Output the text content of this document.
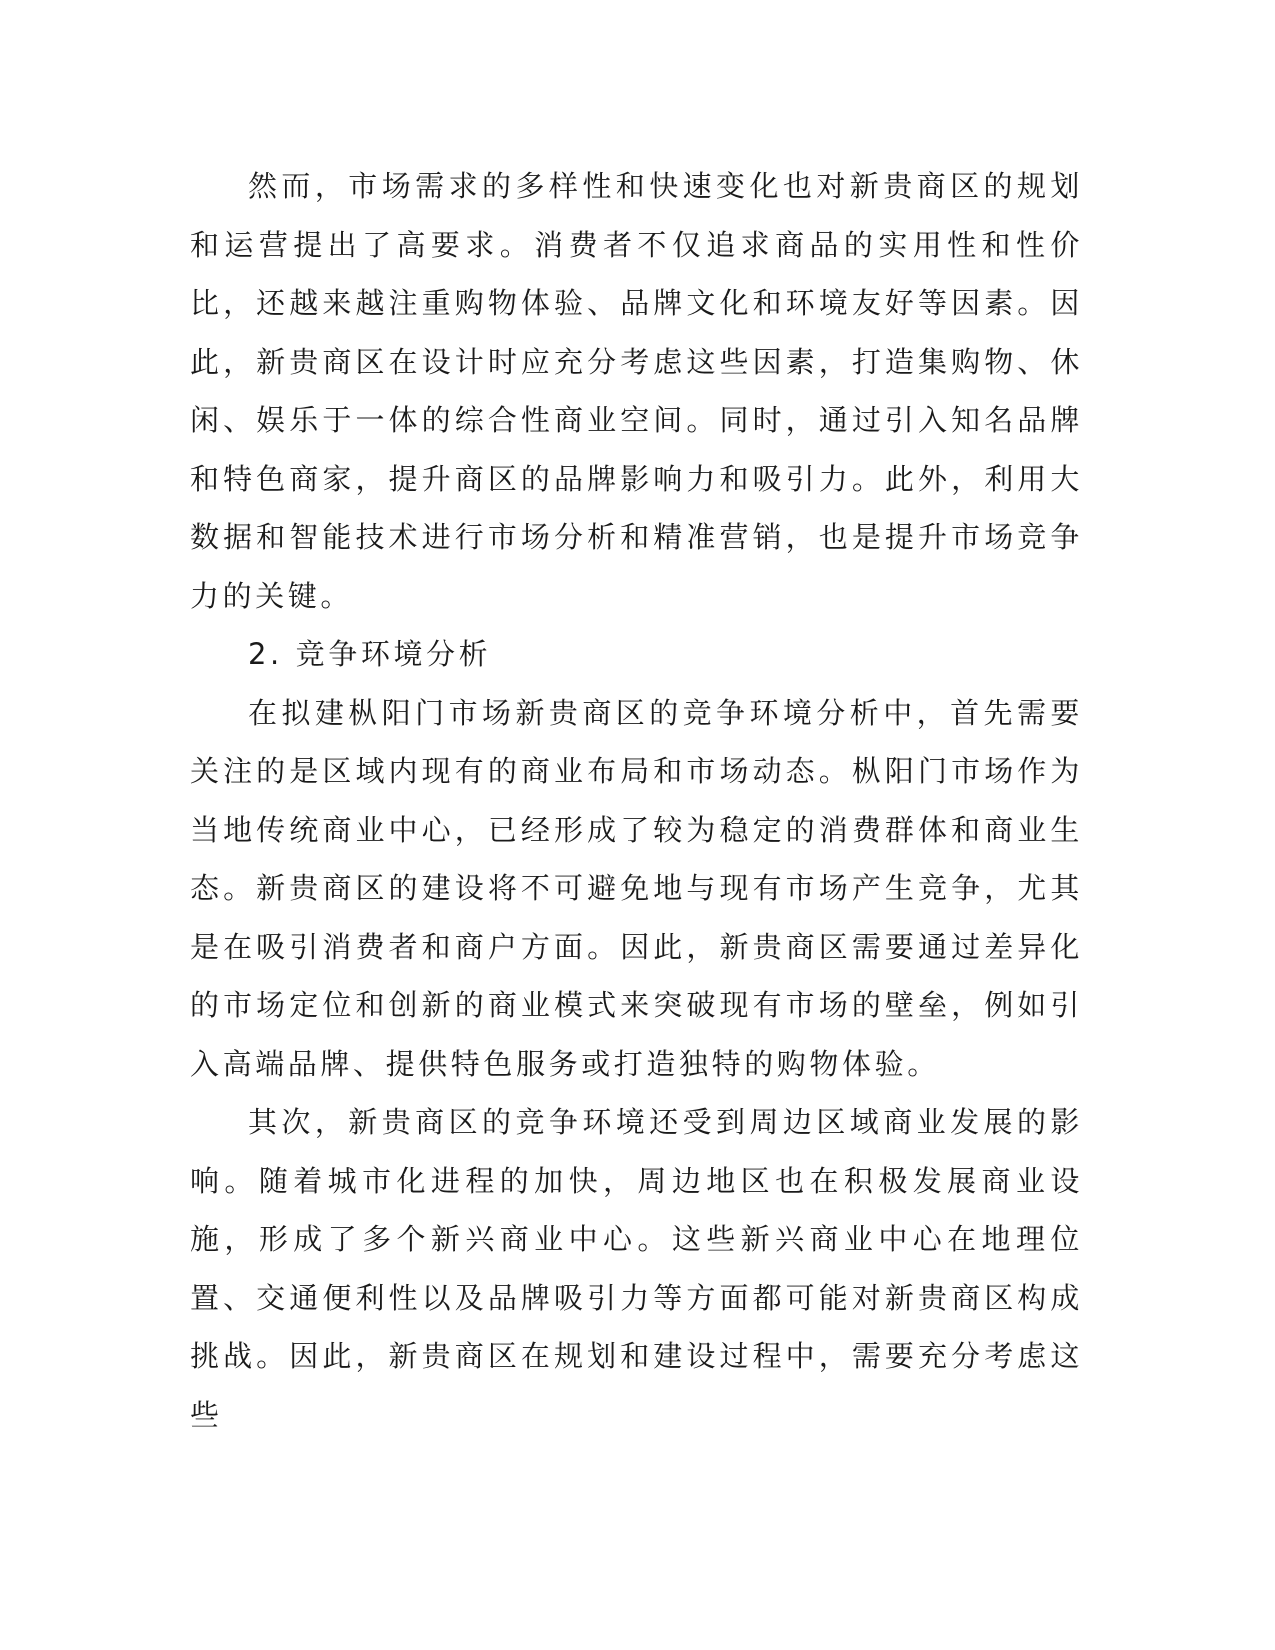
然而，市场需求的多样性和快速变化也对新贵商区的规划和运营提出了高要求。消费者不仅追求商品的实用性和性价比，还越来越注重购物体验、品牌文化和环境友好等因素。因此，新贵商区在设计时应充分考虑这些因素，打造集购物、休闲、娱乐于一体的综合性商业空间。同时，通过引入知名品牌和特色商家，提升商区的品牌影响力和吸引力。此外，利用大数据和智能技术进行市场分析和精准营销，也是提升市场竞争力的关键。

2. 竞争环境分析

在拟建枞阳门市场新贵商区的竞争环境分析中，首先需要关注的是区域内现有的商业布局和市场动态。枞阳门市场作为当地传统商业中心，已经形成了较为稳定的消费群体和商业生态。新贵商区的建设将不可避免地与现有市场产生竞争，尤其是在吸引消费者和商户方面。因此，新贵商区需要通过差异化的市场定位和创新的商业模式来突破现有市场的壁垒，例如引入高端品牌、提供特色服务或打造独特的购物体验。

其次，新贵商区的竞争环境还受到周边区域商业发展的影响。随着城市化进程的加快，周边地区也在积极发展商业设施，形成了多个新兴商业中心。这些新兴商业中心在地理位置、交通便利性以及品牌吸引力等方面都可能对新贵商区构成挑战。因此，新贵商区在规划和建设过程中，需要充分考虑这些
